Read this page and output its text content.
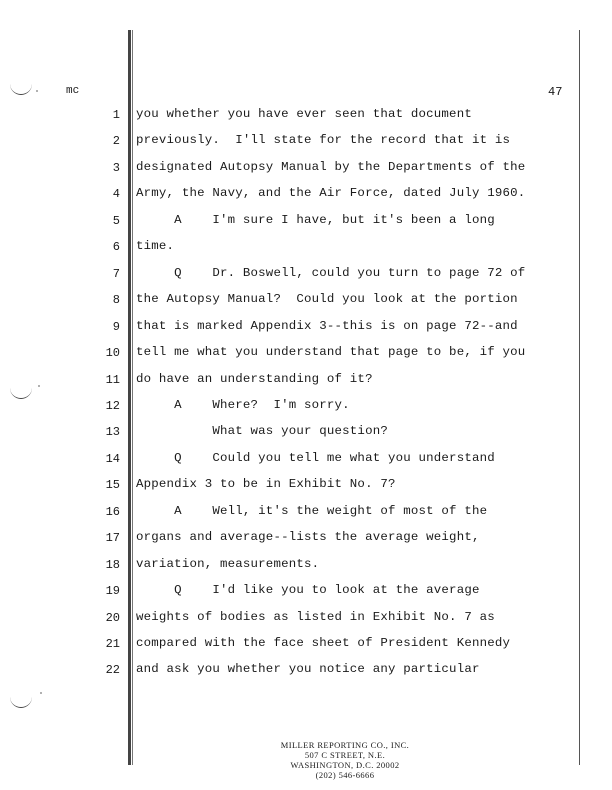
mc	47
1 you whether you have ever seen that document
2 previously.  I'll state for the record that it is
3 designated Autopsy Manual by the Departments of the
4 Army, the Navy, and the Air Force, dated July 1960.
5 A    I'm sure I have, but it's been a long
6 time.
7 Q    Dr. Boswell, could you turn to page 72 of
8 the Autopsy Manual?  Could you look at the portion
9 that is marked Appendix 3--this is on page 72--and
10 tell me what you understand that page to be, if you
11 do have an understanding of it?
12 A    Where?  I'm sorry.
13 What was your question?
14 Q    Could you tell me what you understand
15 Appendix 3 to be in Exhibit No. 7?
16 A    Well, it's the weight of most of the
17 organs and average--lists the average weight,
18 variation, measurements.
19 Q    I'd like you to look at the average
20 weights of bodies as listed in Exhibit No. 7 as
21 compared with the face sheet of President Kennedy
22 and ask you whether you notice any particular
MILLER REPORTING CO., INC.
507 C STREET, N.E.
WASHINGTON, D.C. 20002
(202) 546-6666
